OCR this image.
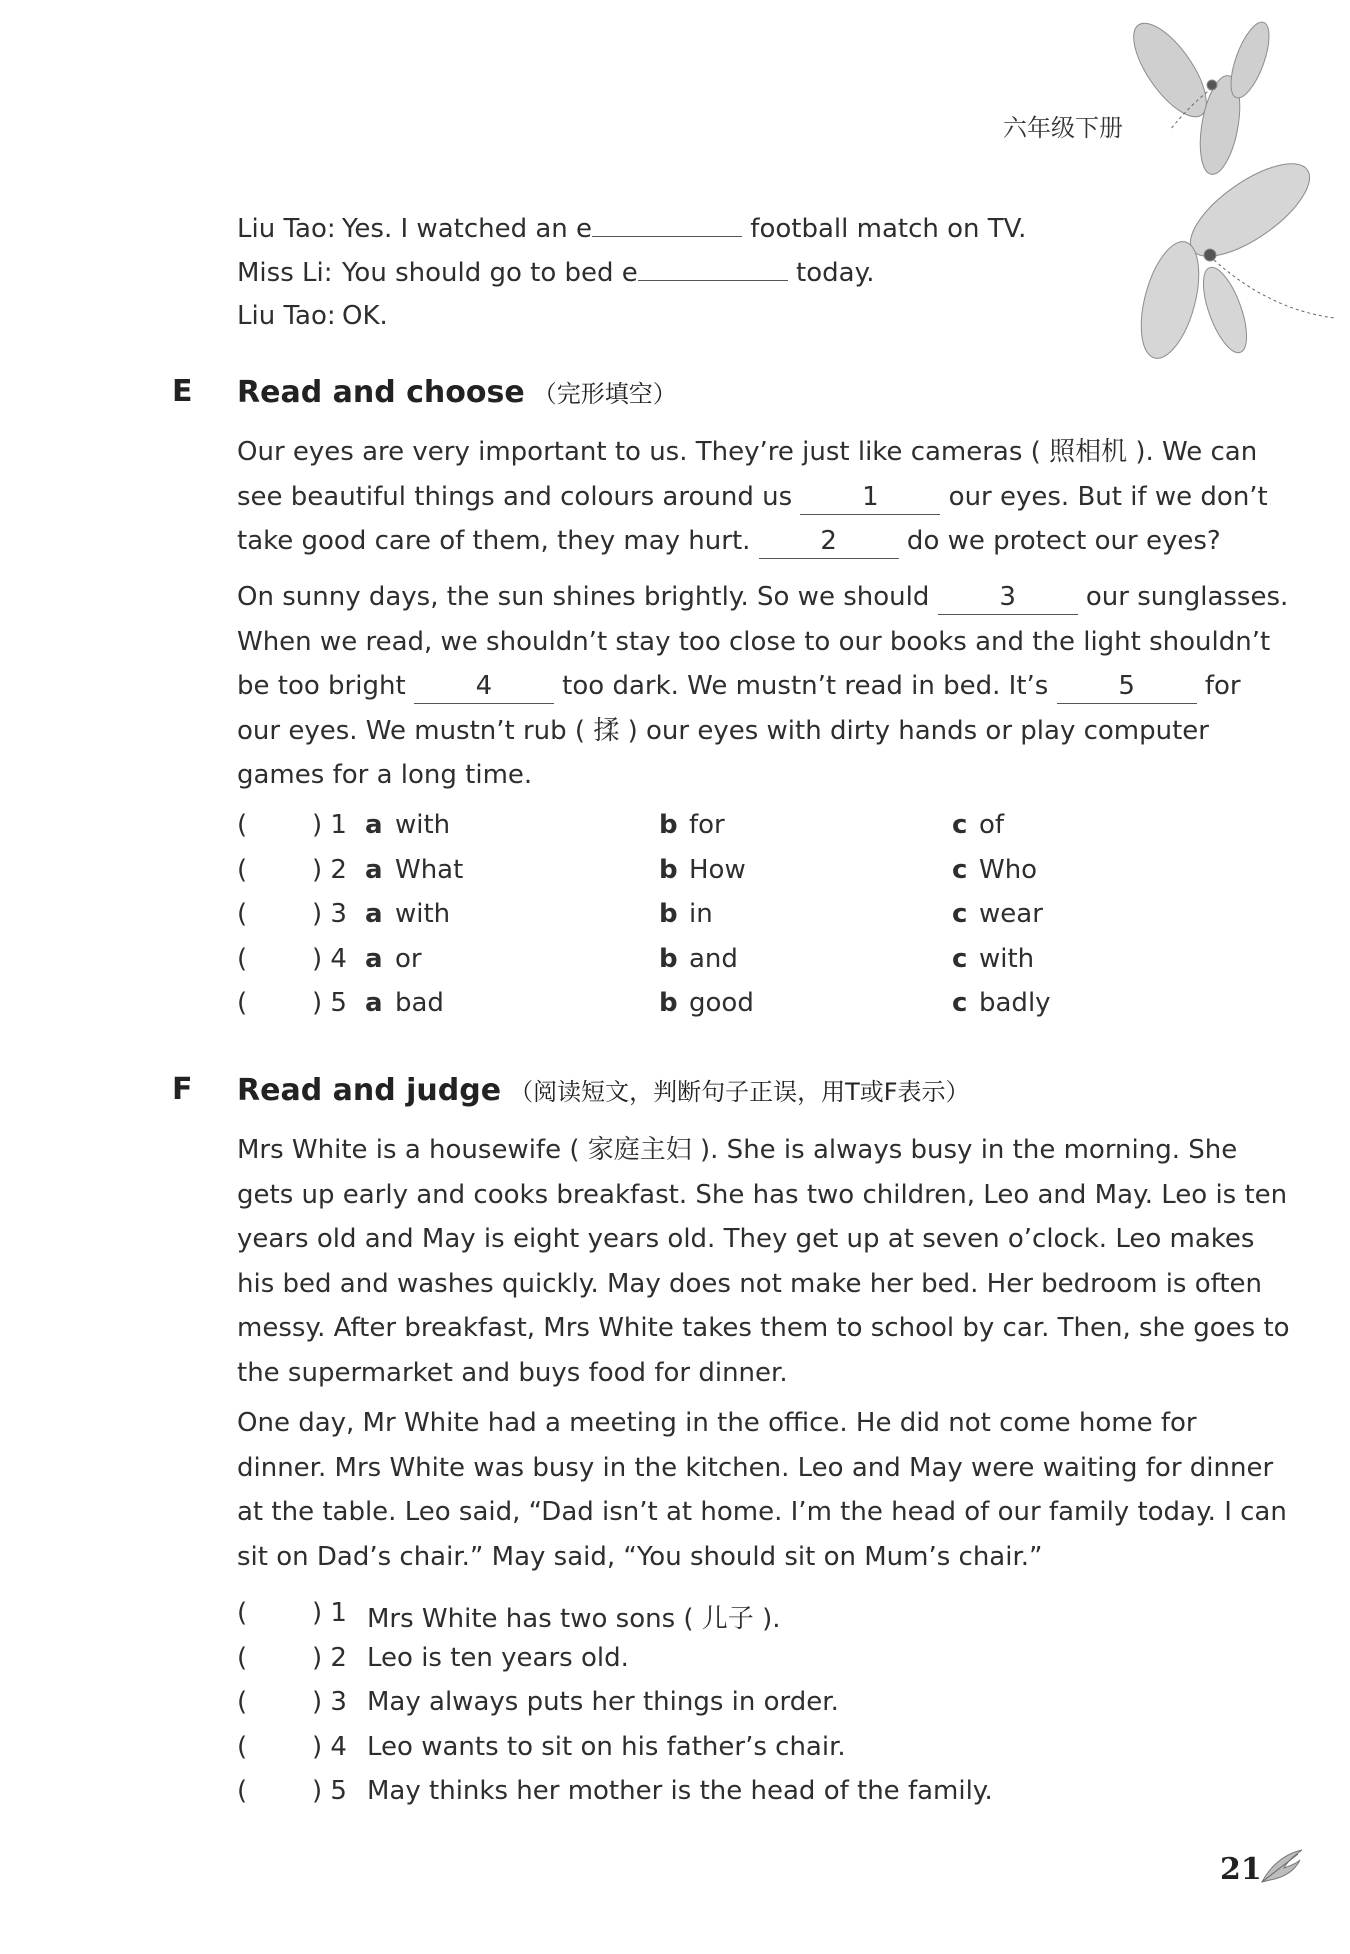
六年级下册
Liu Tao: Yes. I watched an e	football match on TV.
Miss Li: You should go to bed e	today.
Liu Tao: OK.
E Read and choose （完形填空）
Our eyes are very important to us. They’re just like cameras ( 照相机 ). We can
see beautiful things and colours around us 1 our eyes. But if we don’t
take good care of them, they may hurt. 2 do we protect our eyes?
On sunny days, the sun shines brightly. So we should 3 our sunglasses.
When we read, we shouldn’t stay too close to our books and the light shouldn’t
be too bright 4 too dark. We mustn’t read in bed. It’s 5 for
our eyes. We mustn’t rub ( 揉 ) our eyes with dirty hands or play computer
games for a long time.
( ) 1 a with	b for	c of
( ) 2 a What	b How	c Who
( ) 3 a with	b in	c wear
( ) 4 a or	b and	c with
( ) 5 a bad	b good	c badly
F Read and judge （阅读短文，判断句子正误，用T或F表示）
Mrs White is a housewife ( 家庭主妇 ). She is always busy in the morning. She
gets up early and cooks breakfast. She has two children, Leo and May. Leo is ten
years old and May is eight years old. They get up at seven o’clock. Leo makes
his bed and washes quickly. May does not make her bed. Her bedroom is often
messy. After breakfast, Mrs White takes them to school by car. Then, she goes to
the supermarket and buys food for dinner.
One day, Mr White had a meeting in the office. He did not come home for
dinner. Mrs White was busy in the kitchen. Leo and May were waiting for dinner
at the table. Leo said, “Dad isn’t at home. I’m the head of our family today. I can
sit on Dad’s chair.” May said, “You should sit on Mum’s chair.”
( ) 1 Mrs White has two sons ( 儿子 ).
( ) 2 Leo is ten years old.
( ) 3 May always puts her things in order.
( ) 4 Leo wants to sit on his father’s chair.
( ) 5 May thinks her mother is the head of the family.
21
